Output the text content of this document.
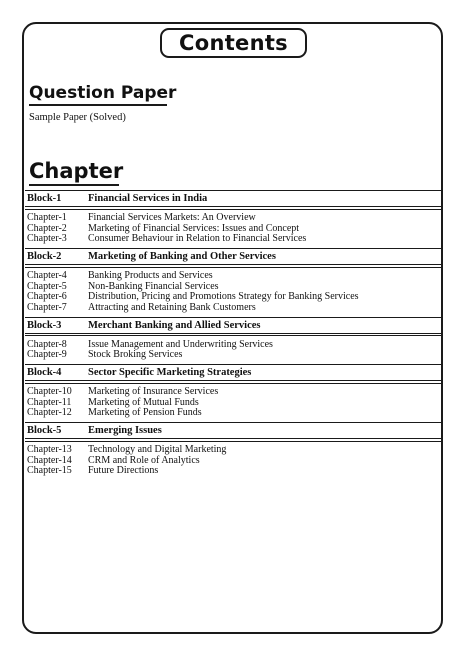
Contents
Question Paper
Sample Paper (Solved)
Chapter
Block-1	Financial Services in India
Chapter-1	Financial Services Markets: An Overview
Chapter-2	Marketing of Financial Services: Issues and Concept
Chapter-3	Consumer Behaviour in Relation to Financial Services
Block-2	Marketing of Banking and Other Services
Chapter-4	Banking Products and Services
Chapter-5	Non-Banking Financial Services
Chapter-6	Distribution, Pricing and Promotions Strategy for Banking Services
Chapter-7	Attracting and Retaining Bank Customers
Block-3	Merchant Banking and Allied Services
Chapter-8	Issue Management and Underwriting Services
Chapter-9	Stock Broking Services
Block-4	Sector Specific Marketing Strategies
Chapter-10	Marketing of Insurance Services
Chapter-11	Marketing of Mutual Funds
Chapter-12	Marketing of Pension Funds
Block-5	Emerging Issues
Chapter-13	Technology and Digital Marketing
Chapter-14	CRM and Role of Analytics
Chapter-15	Future Directions
